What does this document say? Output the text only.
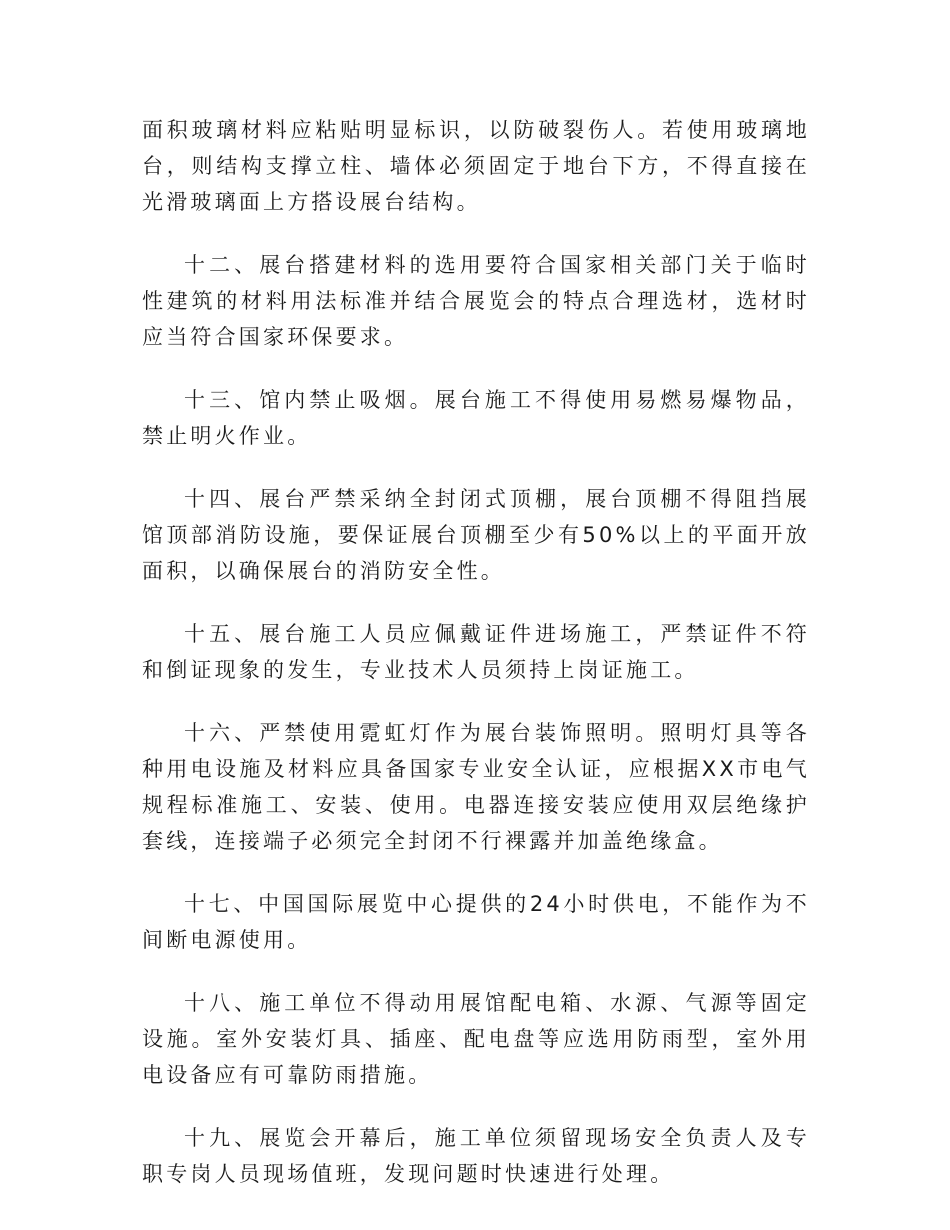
面积玻璃材料应粘贴明显标识，以防破裂伤人。若使用玻璃地台，则结构支撑立柱、墙体必须固定于地台下方，不得直接在光滑玻璃面上方搭设展台结构。

十二、展台搭建材料的选用要符合国家相关部门关于临时性建筑的材料用法标准并结合展览会的特点合理选材，选材时应当符合国家环保要求。

十三、馆内禁止吸烟。展台施工不得使用易燃易爆物品，禁止明火作业。

十四、展台严禁采纳全封闭式顶棚，展台顶棚不得阻挡展馆顶部消防设施，要保证展台顶棚至少有50%以上的平面开放面积，以确保展台的消防安全性。

十五、展台施工人员应佩戴证件进场施工，严禁证件不符和倒证现象的发生，专业技术人员须持上岗证施工。

十六、严禁使用霓虹灯作为展台装饰照明。照明灯具等各种用电设施及材料应具备国家专业安全认证，应根据XX市电气规程标准施工、安装、使用。电器连接安装应使用双层绝缘护套线，连接端子必须完全封闭不行裸露并加盖绝缘盒。

十七、中国国际展览中心提供的24小时供电，不能作为不间断电源使用。

十八、施工单位不得动用展馆配电箱、水源、气源等固定设施。室外安装灯具、插座、配电盘等应选用防雨型，室外用电设备应有可靠防雨措施。

十九、展览会开幕后，施工单位须留现场安全负责人及专职专岗人员现场值班，发现问题时快速进行处理。
